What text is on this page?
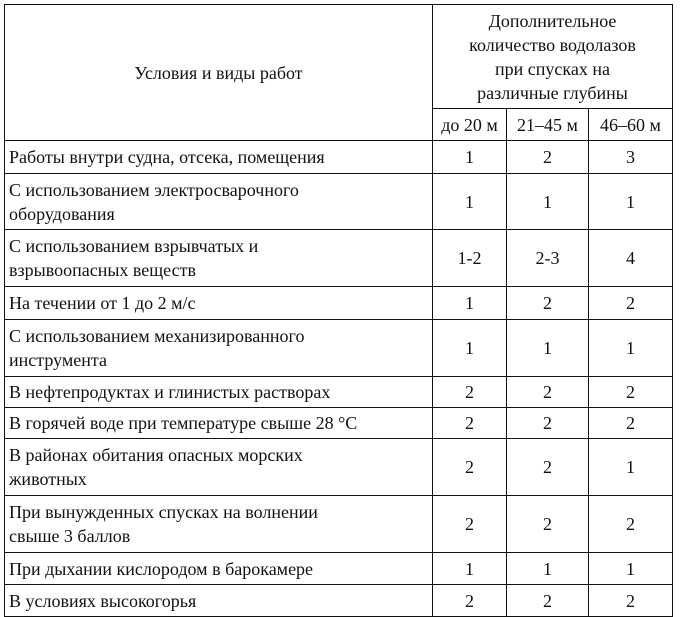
Условия и виды работ	Дополнительное
количество водолазов
при спусках на
различные глубины		

	до 20 м	21–45 м	46–60 м

Работы внутри судна, отсека, помещения	1	2	3

С использованием электросварочного
оборудования	1	1	1

С использованием взрывчатых и
взрывоопасных веществ	1-2	2-3	4

На течении от 1 до 2 м/с	1	2	2

С использованием механизированного
инструмента	1	1	1

В нефтепродуктах и глинистых растворах	2	2	2

В горячей воде при температуре свыше 28 °С	2	2	2

В районах обитания опасных морских
животных	2	2	1

При вынужденных спусках на волнении
свыше 3 баллов	2	2	2

При дыхании кислородом в барокамере	1	1	1

В условиях высокогорья	2	2	2
